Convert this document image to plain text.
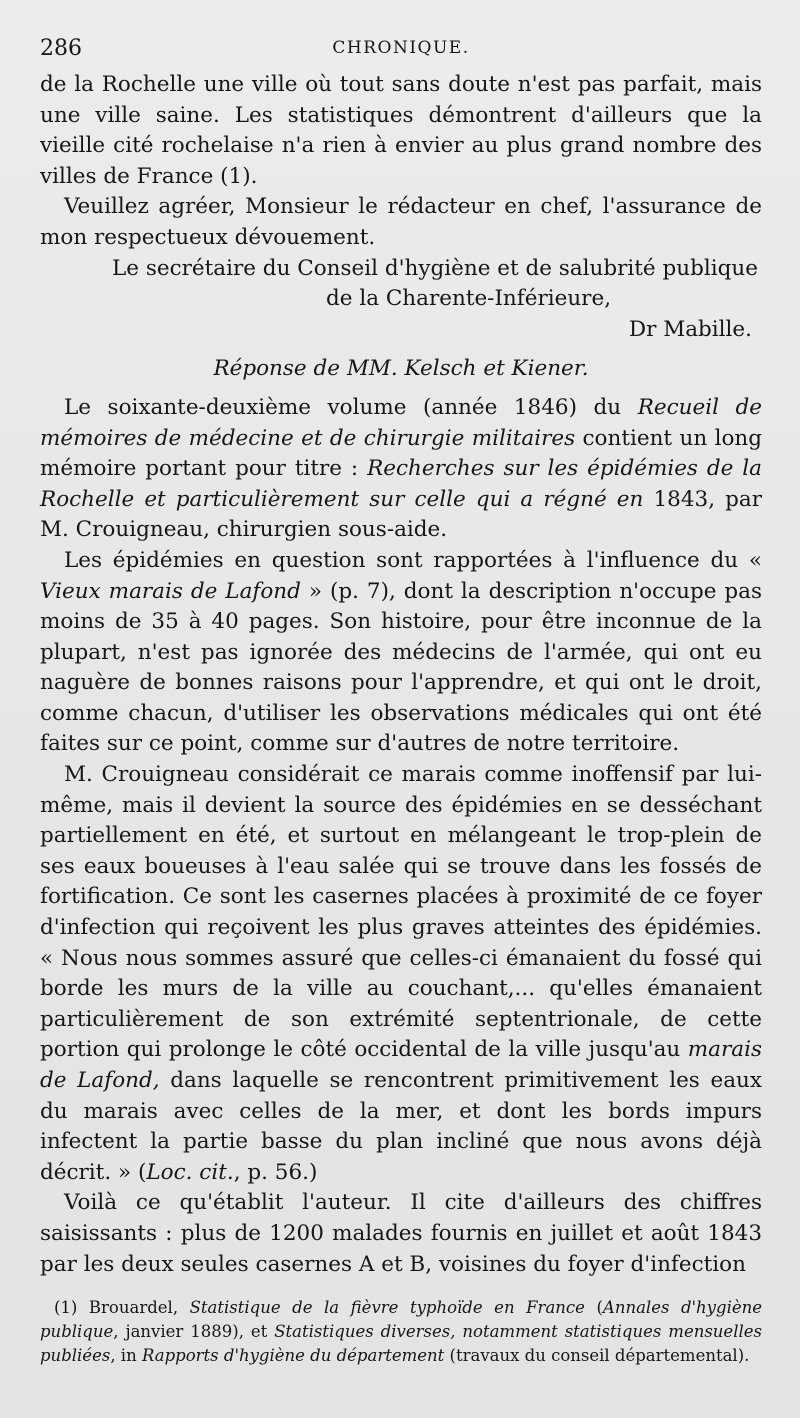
286	CHRONIQUE.

de la Rochelle une ville où tout sans doute n'est pas parfait, mais une ville saine. Les statistiques démontrent d'ailleurs que la vieille cité rochelaise n'a rien à envier au plus grand nombre des villes de France (1).

Veuillez agréer, Monsieur le rédacteur en chef, l'assurance de mon respectueux dévouement.

Le secrétaire du Conseil d'hygiène et de salubrité publique

de la Charente-Inférieure,

Dr Mabille.

Réponse de MM. Kelsch et Kiener.

Le soixante-deuxième volume (année 1846) du Recueil de mémoires de médecine et de chirurgie militaires contient un long mémoire portant pour titre : Recherches sur les épidémies de la Rochelle et particulièrement sur celle qui a régné en 1843, par M. Crouigneau, chirurgien sous-aide.

Les épidémies en question sont rapportées à l'influence du « Vieux marais de Lafond » (p. 7), dont la description n'occupe pas moins de 35 à 40 pages. Son histoire, pour être inconnue de la plupart, n'est pas ignorée des médecins de l'armée, qui ont eu naguère de bonnes raisons pour l'apprendre, et qui ont le droit, comme chacun, d'utiliser les observations médicales qui ont été faites sur ce point, comme sur d'autres de notre territoire.

M. Crouigneau considérait ce marais comme inoffensif par lui-même, mais il devient la source des épidémies en se desséchant partiellement en été, et surtout en mélangeant le trop-plein de ses eaux boueuses à l'eau salée qui se trouve dans les fossés de fortification. Ce sont les casernes placées à proximité de ce foyer d'infection qui reçoivent les plus graves atteintes des épidémies. « Nous nous sommes assuré que celles-ci émanaient du fossé qui borde les murs de la ville au couchant,... qu'elles émanaient particulièrement de son extrémité septentrionale, de cette portion qui prolonge le côté occidental de la ville jusqu'au marais de Lafond, dans laquelle se rencontrent primitivement les eaux du marais avec celles de la mer, et dont les bords impurs infectent la partie basse du plan incliné que nous avons déjà décrit. » (Loc. cit., p. 56.)

Voilà ce qu'établit l'auteur. Il cite d'ailleurs des chiffres saisissants : plus de 1200 malades fournis en juillet et août 1843 par les deux seules casernes A et B, voisines du foyer d'infection

(1) Brouardel, Statistique de la fièvre typhoïde en France (Annales d'hygiène publique, janvier 1889), et Statistiques diverses, notamment statistiques mensuelles publiées, in Rapports d'hygiène du département (travaux du conseil départemental).
